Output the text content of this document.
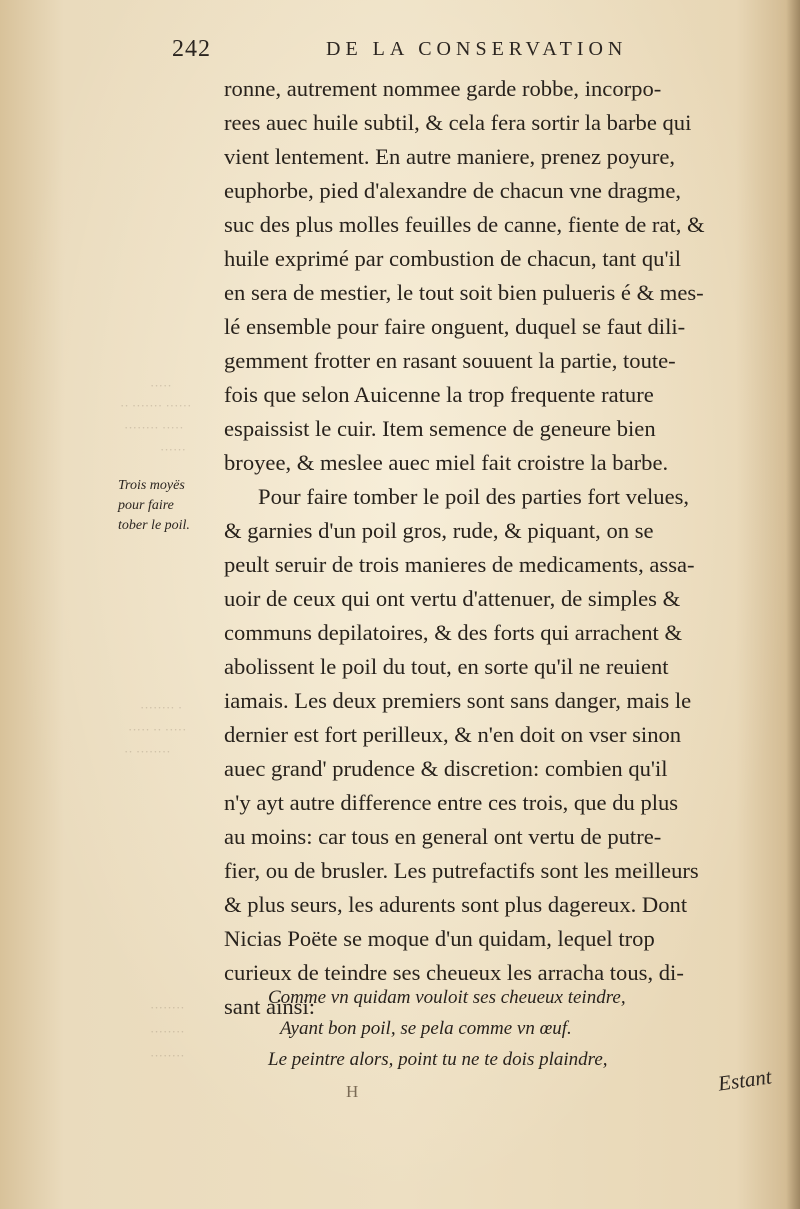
242	DE LA CONSERVATION
·····
·· ······· ······
········ ·····
······
········ ·
····· ·· ·····
·· ········
········
········
········
ronne, autrement nommee garde robbe, incorpo-
rees auec huile subtil, & cela fera sortir la barbe qui
vient lentement. En autre maniere, prenez poyure,
euphorbe, pied d'alexandre de chacun vne dragme,
suc des plus molles feuilles de canne, fiente de rat, &
huile exprimé par combustion de chacun, tant qu'il
en sera de mestier, le tout soit bien pulueris é & mes-
lé ensemble pour faire onguent, duquel se faut dili-
gemment frotter en rasant souuent la partie, toute-
fois que selon Auicenne la trop frequente rature
espaissist le cuir. Item semence de geneure bien
broyee, & meslee auec miel fait croistre la barbe.
Pour faire tomber le poil des parties fort velues,
& garnies d'un poil gros, rude, & piquant, on se
peult seruir de trois manieres de medicaments, assa-
uoir de ceux qui ont vertu d'attenuer, de simples &
communs depilatoires, & des forts qui arrachent &
abolissent le poil du tout, en sorte qu'il ne reuient
iamais. Les deux premiers sont sans danger, mais le
dernier est fort perilleux, & n'en doit on vser sinon
auec grand' prudence & discretion: combien qu'il
n'y ayt autre difference entre ces trois, que du plus
au moins: car tous en general ont vertu de putre-
fier, ou de brusler. Les putrefactifs sont les meilleurs
& plus seurs, les adurents sont plus dagereux. Dont
Nicias Poëte se moque d'un quidam, lequel trop
curieux de teindre ses cheueux les arracha tous, di-
sant ainsi:
Trois moyës
pour faire
tober le poil.
Comme vn quidam vouloit ses cheueux teindre,
Ayant bon poil, se pela comme vn œuf.
Le peintre alors, point tu ne te dois plaindre,
H	Estant
